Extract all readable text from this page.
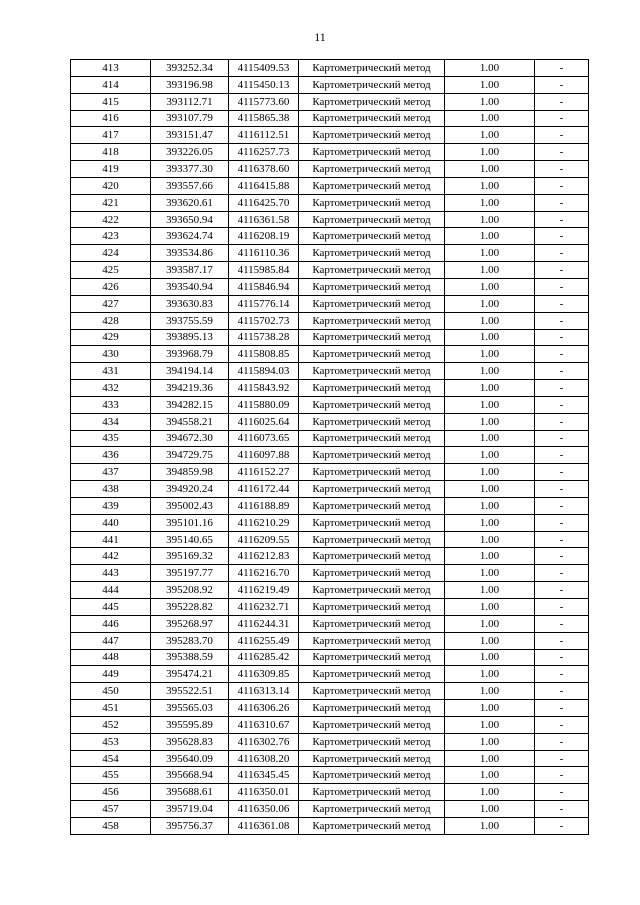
11
413	393252.34	4115409.53	Картометрический метод	1.00	-
414	393196.98	4115450.13	Картометрический метод	1.00	-
415	393112.71	4115773.60	Картометрический метод	1.00	-
416	393107.79	4115865.38	Картометрический метод	1.00	-
417	393151.47	4116112.51	Картометрический метод	1.00	-
418	393226.05	4116257.73	Картометрический метод	1.00	-
419	393377.30	4116378.60	Картометрический метод	1.00	-
420	393557.66	4116415.88	Картометрический метод	1.00	-
421	393620.61	4116425.70	Картометрический метод	1.00	-
422	393650.94	4116361.58	Картометрический метод	1.00	-
423	393624.74	4116208.19	Картометрический метод	1.00	-
424	393534.86	4116110.36	Картометрический метод	1.00	-
425	393587.17	4115985.84	Картометрический метод	1.00	-
426	393540.94	4115846.94	Картометрический метод	1.00	-
427	393630.83	4115776.14	Картометрический метод	1.00	-
428	393755.59	4115702.73	Картометрический метод	1.00	-
429	393895.13	4115738.28	Картометрический метод	1.00	-
430	393968.79	4115808.85	Картометрический метод	1.00	-
431	394194.14	4115894.03	Картометрический метод	1.00	-
432	394219.36	4115843.92	Картометрический метод	1.00	-
433	394282.15	4115880.09	Картометрический метод	1.00	-
434	394558.21	4116025.64	Картометрический метод	1.00	-
435	394672.30	4116073.65	Картометрический метод	1.00	-
436	394729.75	4116097.88	Картометрический метод	1.00	-
437	394859.98	4116152.27	Картометрический метод	1.00	-
438	394920.24	4116172.44	Картометрический метод	1.00	-
439	395002.43	4116188.89	Картометрический метод	1.00	-
440	395101.16	4116210.29	Картометрический метод	1.00	-
441	395140.65	4116209.55	Картометрический метод	1.00	-
442	395169.32	4116212.83	Картометрический метод	1.00	-
443	395197.77	4116216.70	Картометрический метод	1.00	-
444	395208.92	4116219.49	Картометрический метод	1.00	-
445	395228.82	4116232.71	Картометрический метод	1.00	-
446	395268.97	4116244.31	Картометрический метод	1.00	-
447	395283.70	4116255.49	Картометрический метод	1.00	-
448	395388.59	4116285.42	Картометрический метод	1.00	-
449	395474.21	4116309.85	Картометрический метод	1.00	-
450	395522.51	4116313.14	Картометрический метод	1.00	-
451	395565.03	4116306.26	Картометрический метод	1.00	-
452	395595.89	4116310.67	Картометрический метод	1.00	-
453	395628.83	4116302.76	Картометрический метод	1.00	-
454	395640.09	4116308.20	Картометрический метод	1.00	-
455	395668.94	4116345.45	Картометрический метод	1.00	-
456	395688.61	4116350.01	Картометрический метод	1.00	-
457	395719.04	4116350.06	Картометрический метод	1.00	-
458	395756.37	4116361.08	Картометрический метод	1.00	-
